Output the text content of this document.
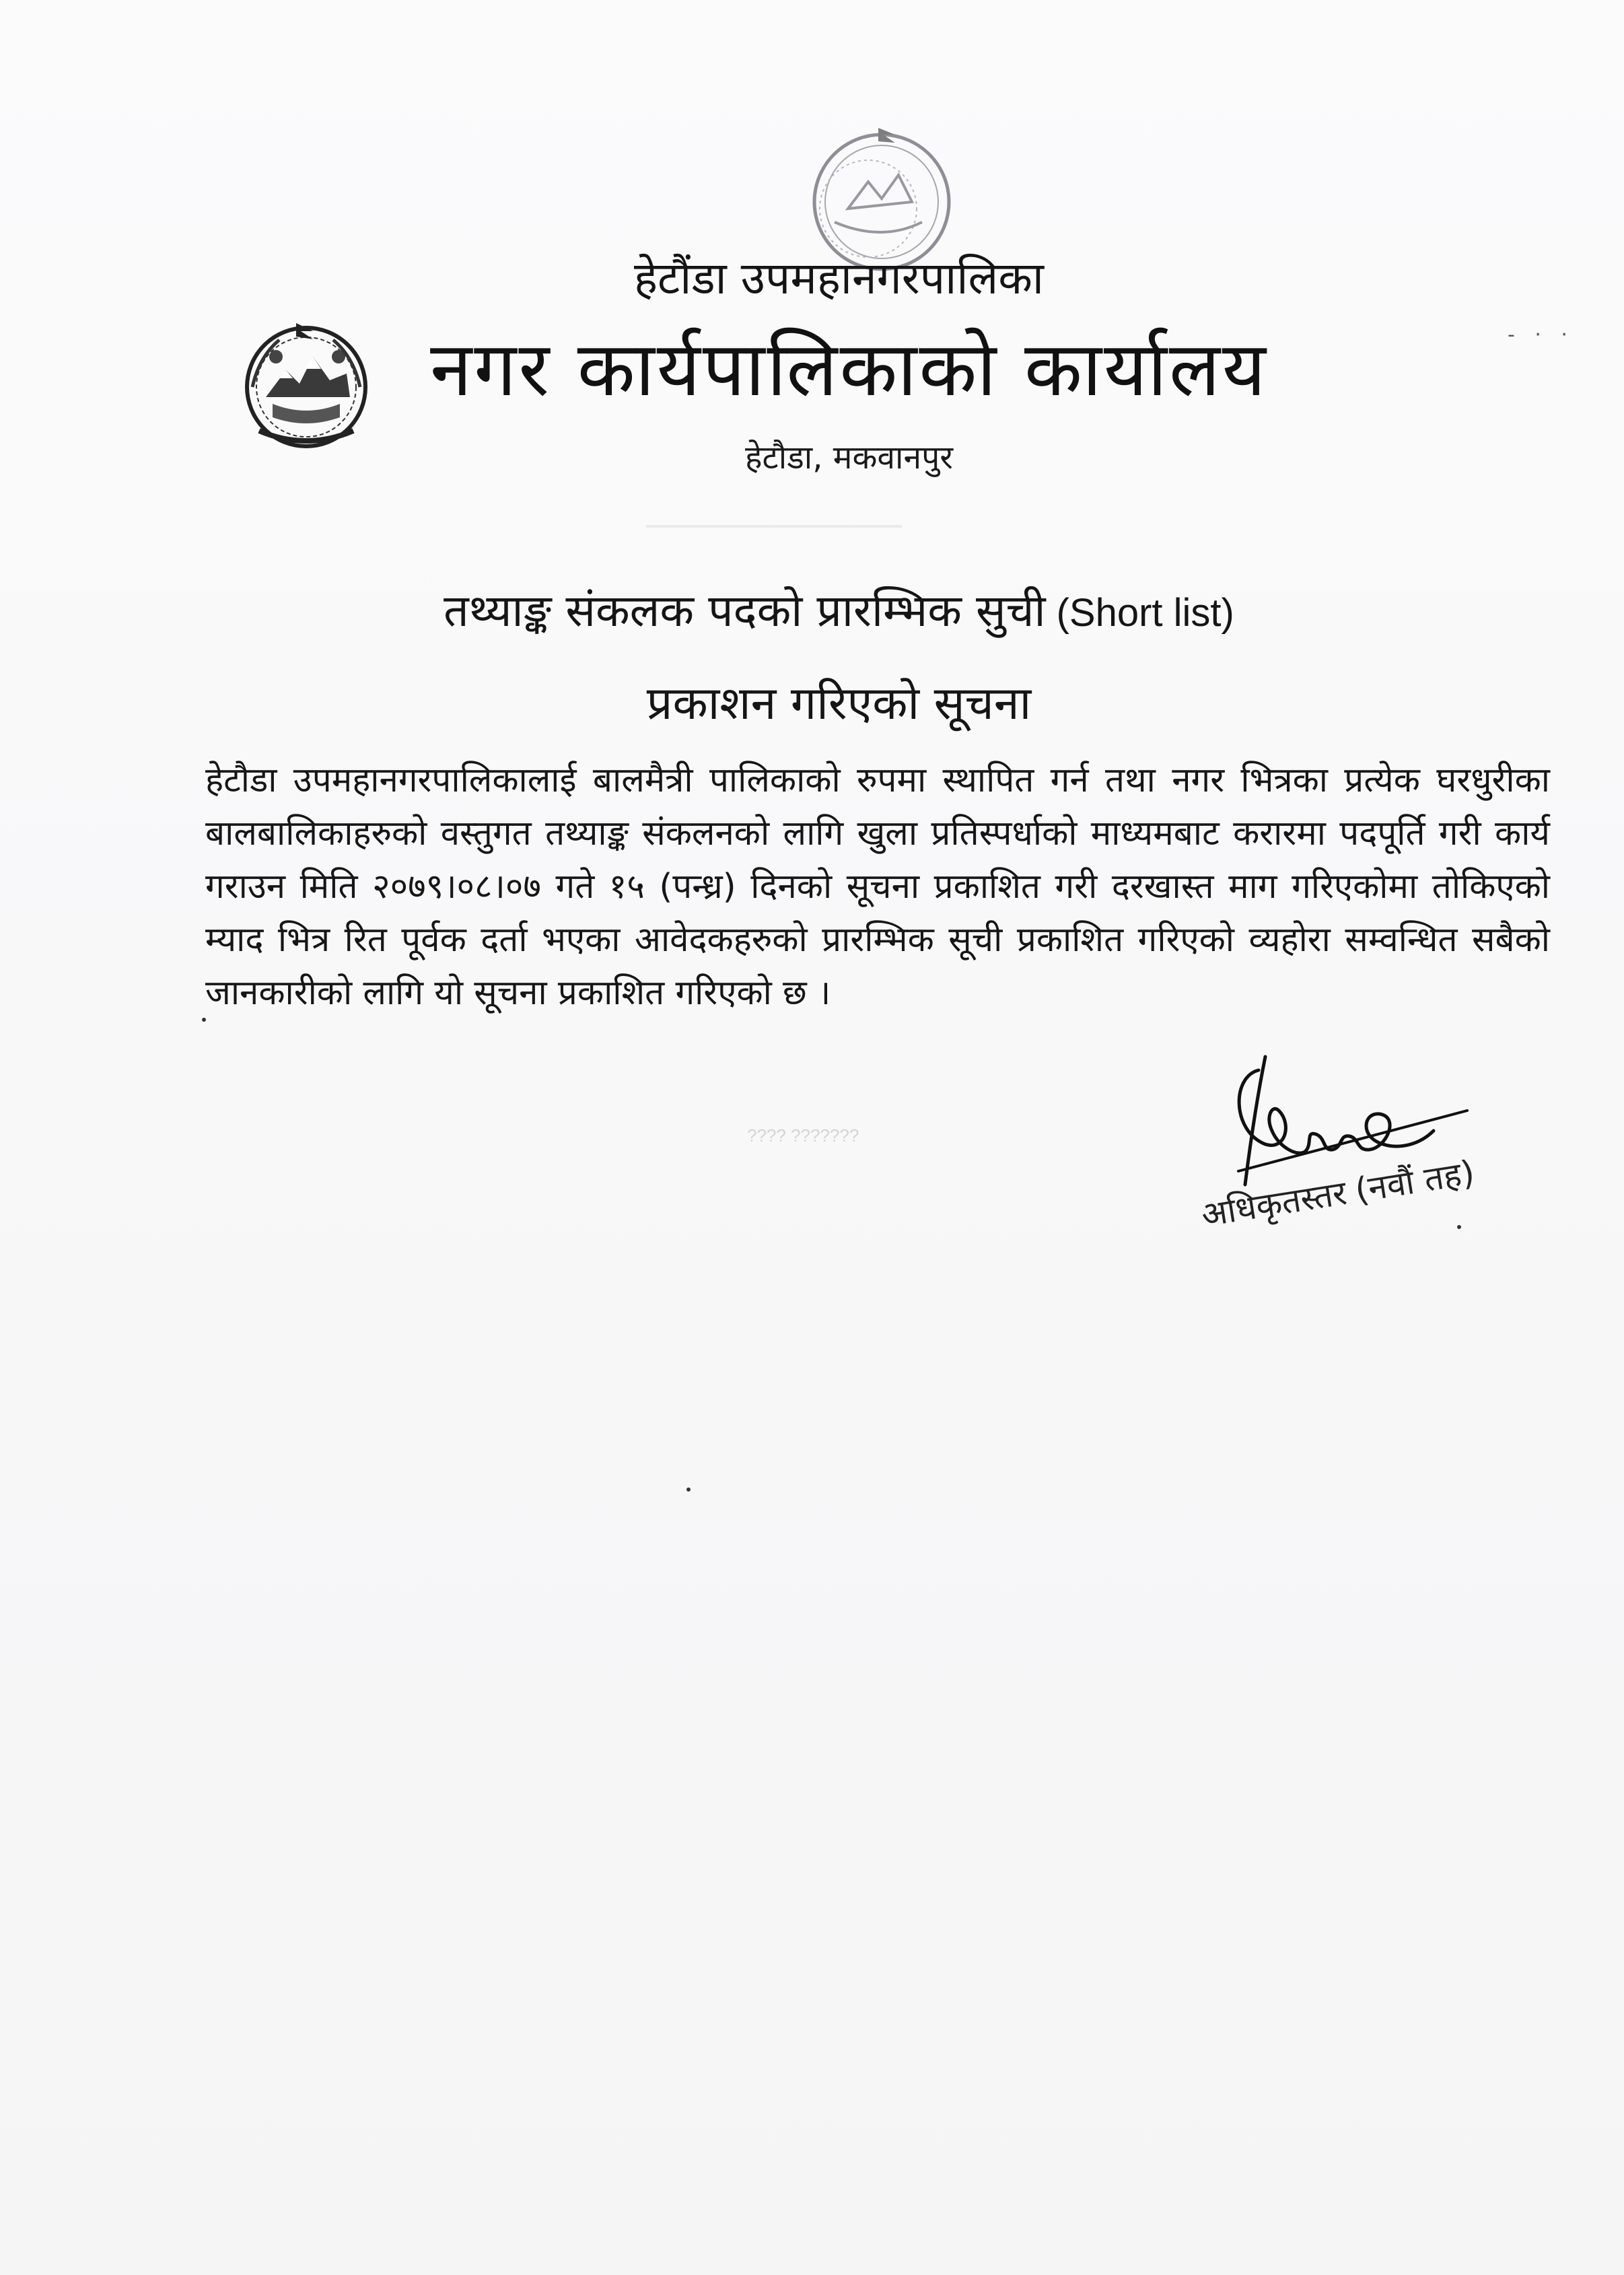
हेटौंडा उपमहानगरपालिका
नगर कार्यपालिकाको कार्यालय
हेटौडा, मकवानपुर
- · ·
तथ्याङ्क संकलक पदको प्रारम्भिक सुची (Short list)
प्रकाशन गरिएको सूचना
हेटौडा उपमहानगरपालिकालाई बालमैत्री पालिकाको रुपमा स्थापित गर्न तथा नगर भित्रका प्रत्येक घरधुरीका बालबालिकाहरुको वस्तुगत तथ्याङ्क संकलनको लागि खुला प्रतिस्पर्धाको माध्यमबाट करारमा पदपूर्ति गरी कार्य गराउन मिति २०७९।०८।०७ गते १५ (पन्ध्र) दिनको सूचना प्रकाशित गरी दरखास्त माग गरिएकोमा तोकिएको म्याद भित्र रित पूर्वक दर्ता भएका आवेदकहरुको प्रारम्भिक सूची प्रकाशित गरिएको व्यहोरा सम्वन्धित सबैको जानकारीको लागि यो सूचना प्रकाशित गरिएको छ ।
???? ???????
अधिकृतस्तर(नवौं तह)
